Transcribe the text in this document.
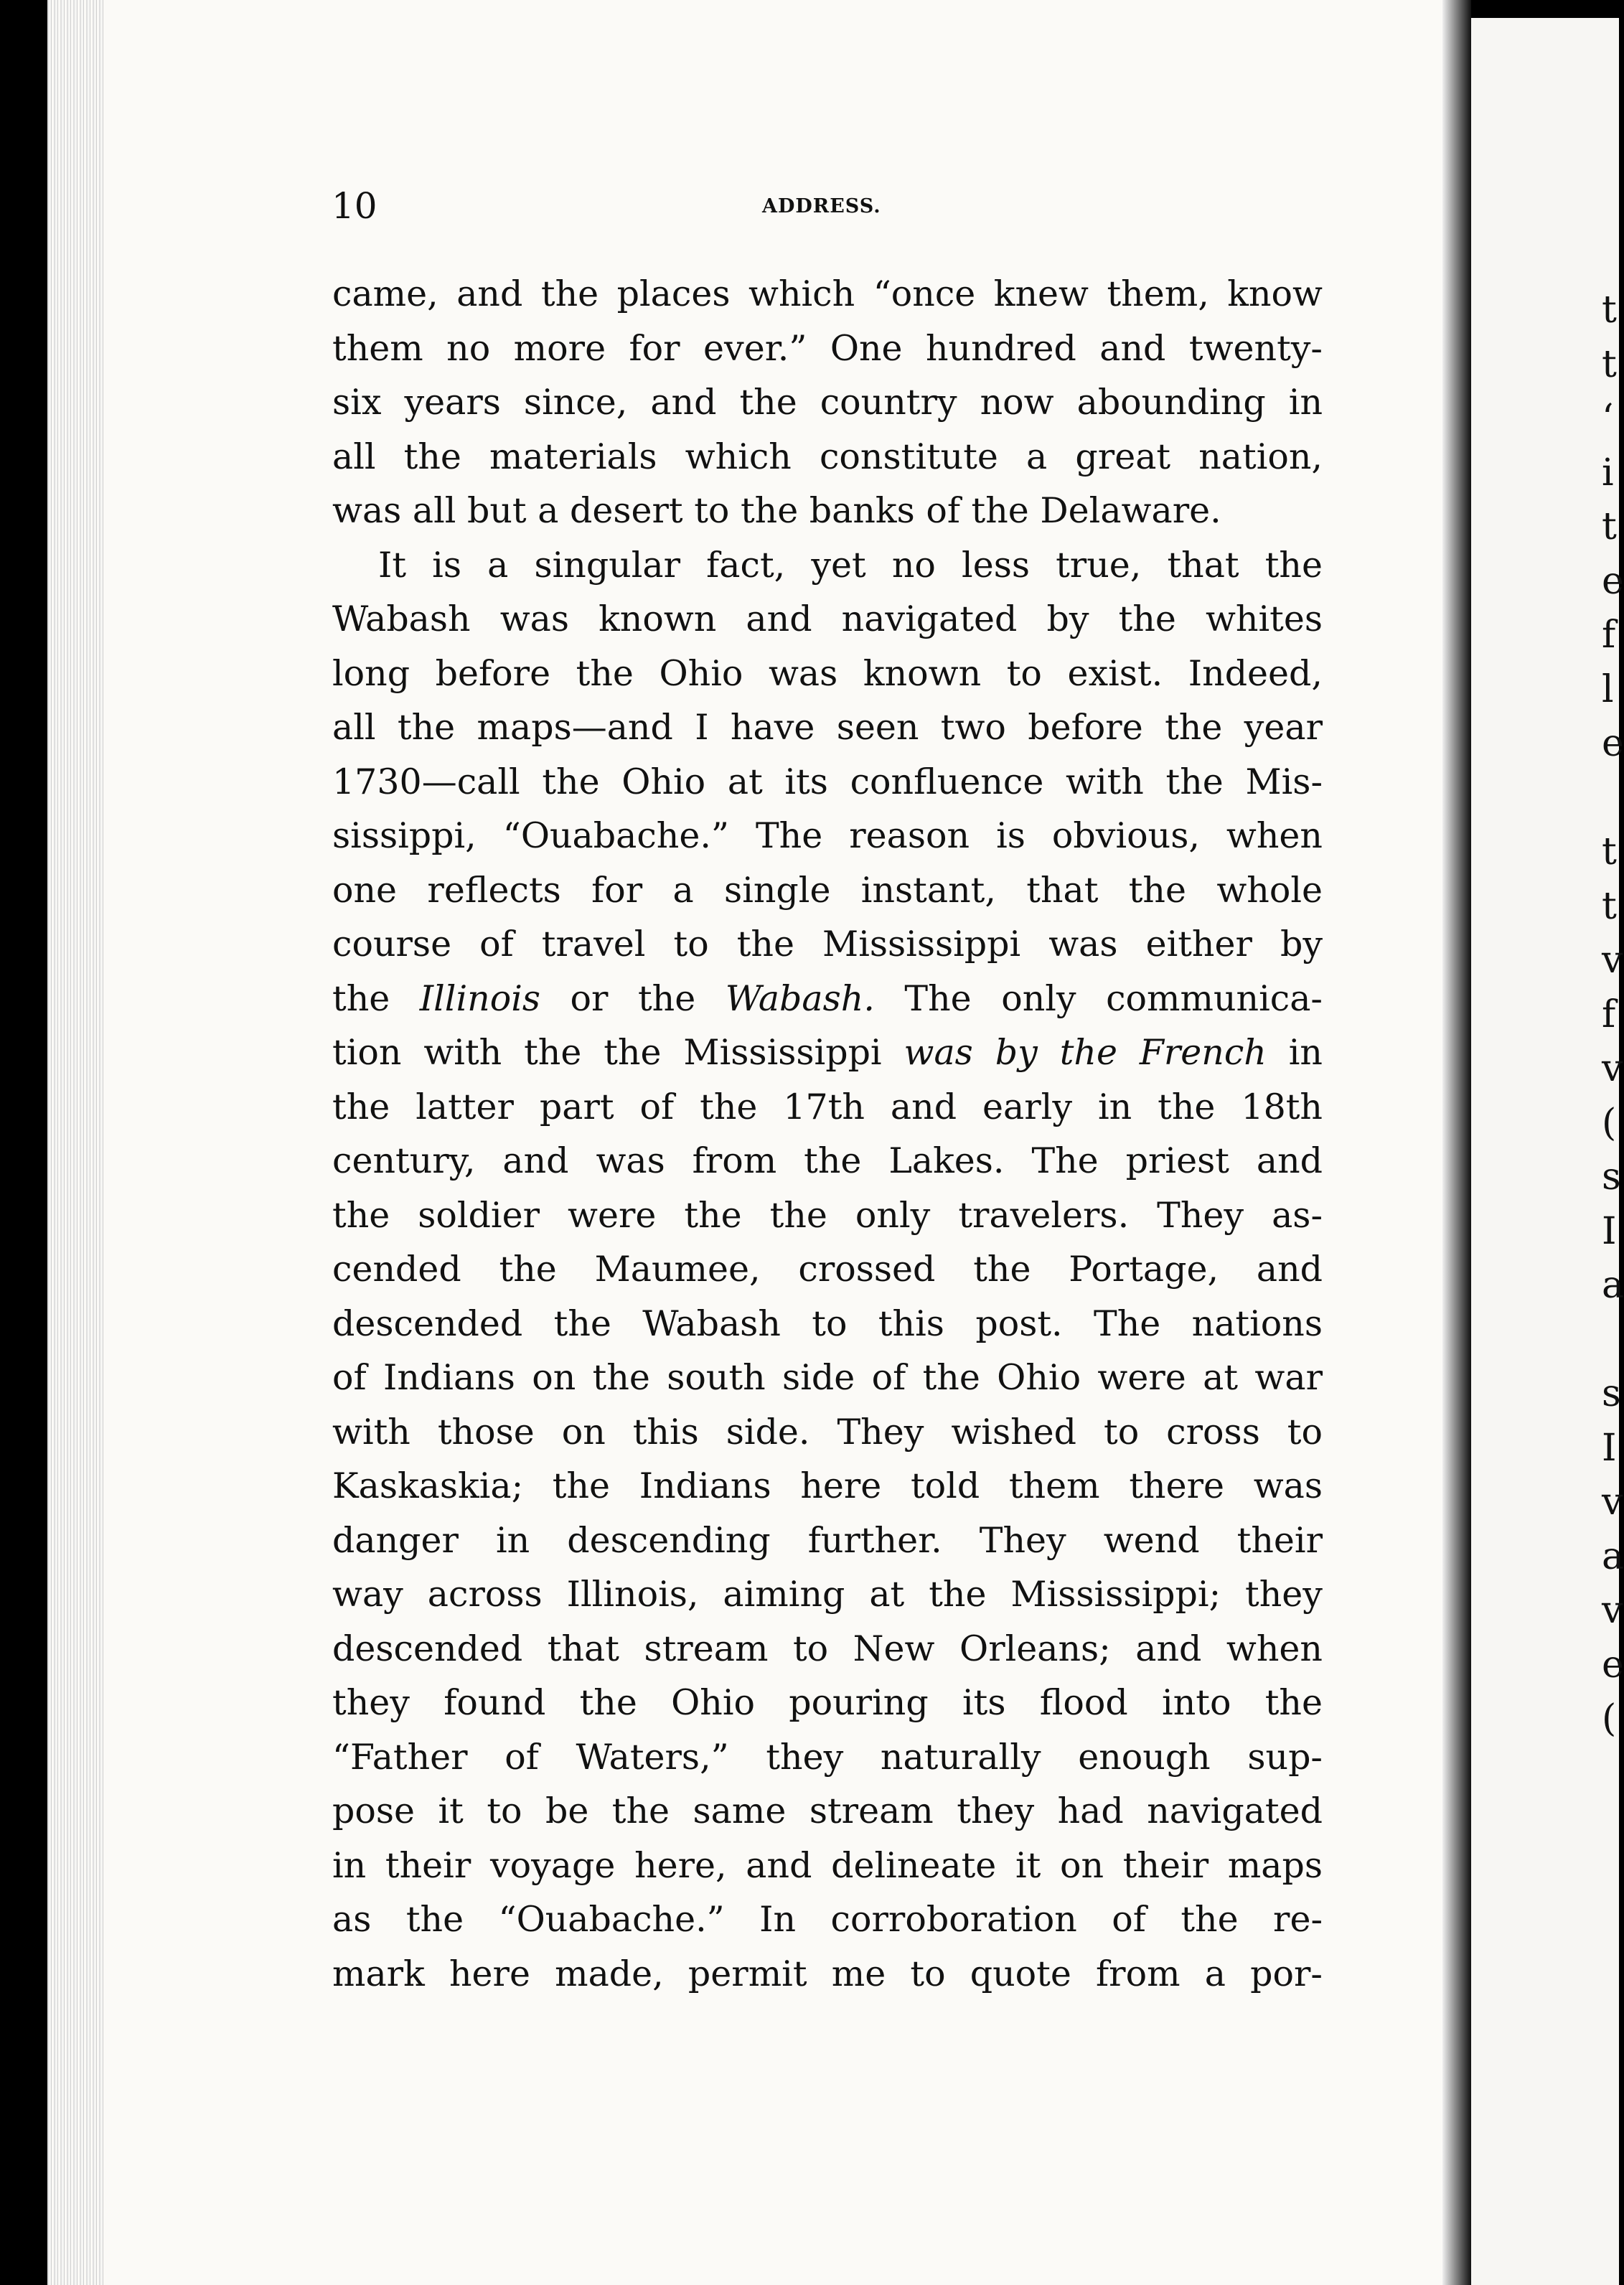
t
t
‘
i
t
e
f
l
e
t
t
v
f
v
(
s
I
a
s
I
v
a
v
e
(
10	ADDRESS.
came, and the places which “once knew them, know
them no more for ever.” One hundred and twenty-
six years since, and the country now abounding in
all the materials which constitute a great nation,
was all but a desert to the banks of the Delaware.
It is a singular fact, yet no less true, that the
Wabash was known and navigated by the whites
long before the Ohio was known to exist. Indeed,
all the maps—and I have seen two before the year
1730—call the Ohio at its confluence with the Mis-
sissippi, “Ouabache.” The reason is obvious, when
one reflects for a single instant, that the whole
course of travel to the Mississippi was either by
the Illinois or the Wabash. The only communica-
tion with the the Mississippi was by the French in
the latter part of the 17th and early in the 18th
century, and was from the Lakes. The priest and
the soldier were the the only travelers. They as-
cended the Maumee, crossed the Portage, and
descended the Wabash to this post. The nations
of Indians on the south side of the Ohio were at war
with those on this side. They wished to cross to
Kaskaskia; the Indians here told them there was
danger in descending further. They wend their
way across Illinois, aiming at the Mississippi; they
descended that stream to New Orleans; and when
they found the Ohio pouring its flood into the
“Father of Waters,” they naturally enough sup-
pose it to be the same stream they had navigated
in their voyage here, and delineate it on their maps
as the “Ouabache.” In corroboration of the re-
mark here made, permit me to quote from a por-
